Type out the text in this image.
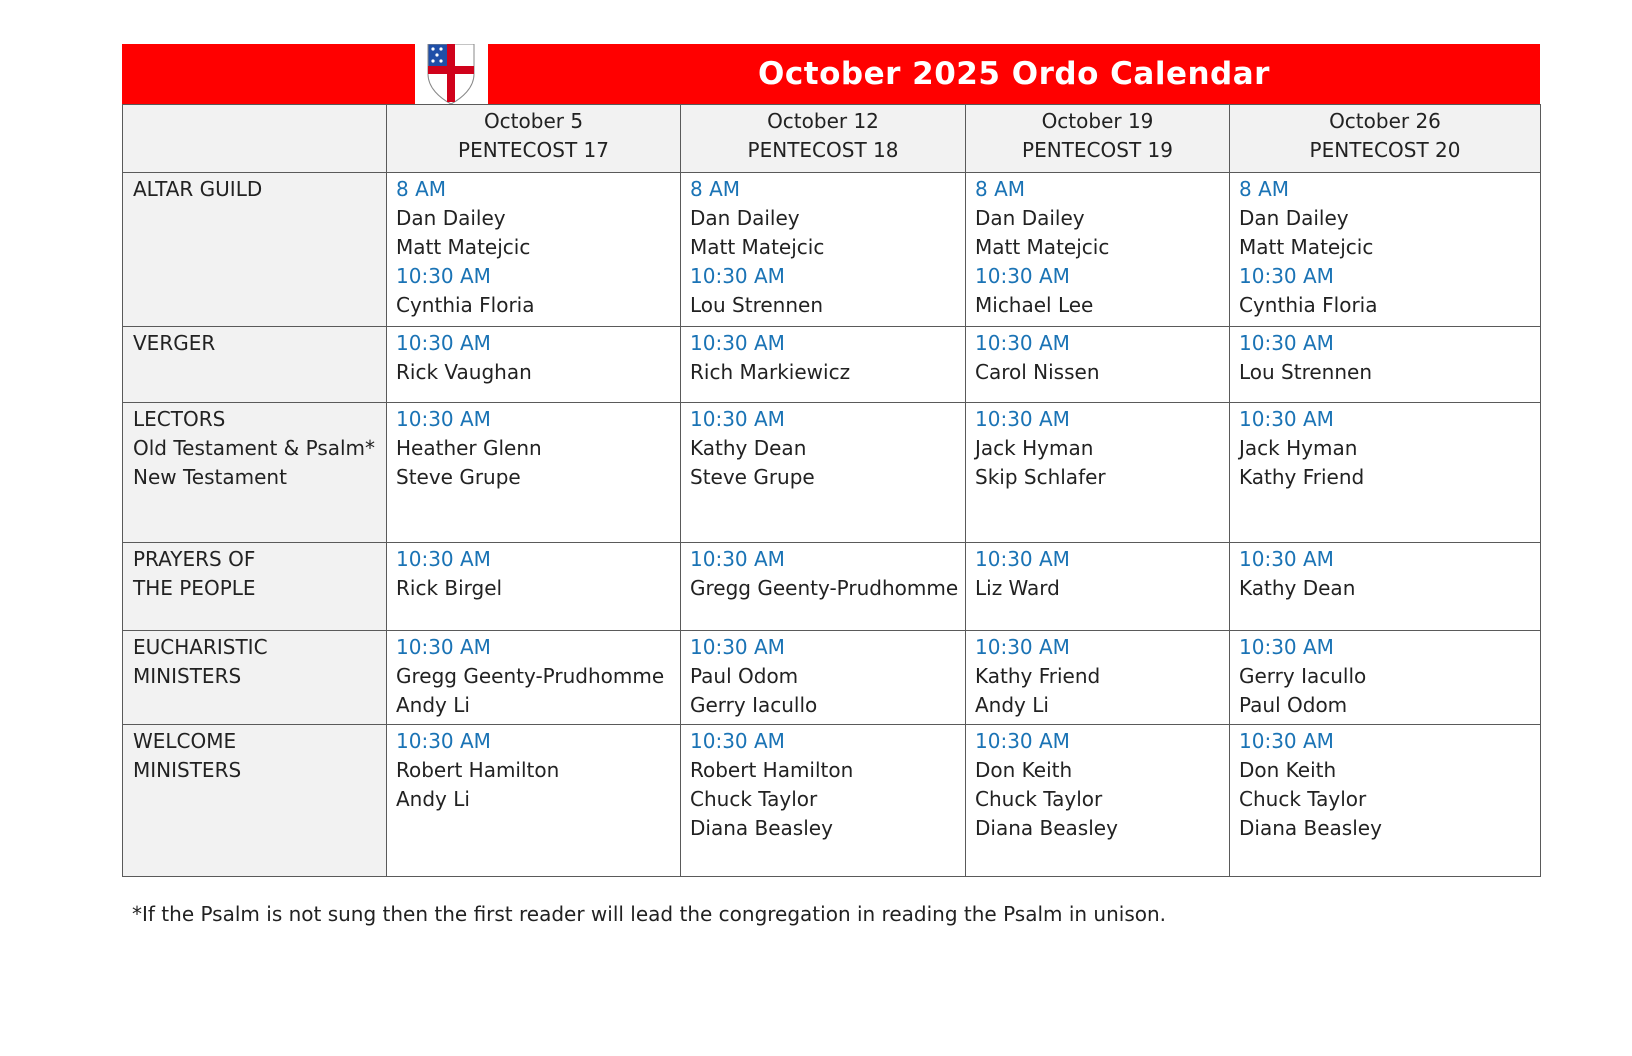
October 2025 Ordo Calendar

	October 5
PENTECOST 17	October 12
PENTECOST 18	October 19
PENTECOST 19	October 26
PENTECOST 20

ALTAR GUILD	8 AM
Dan Dailey
Matt Matejcic
10:30 AM
Cynthia Floria	8 AM
Dan Dailey
Matt Matejcic
10:30 AM
Lou Strennen	8 AM
Dan Dailey
Matt Matejcic
10:30 AM
Michael Lee	8 AM
Dan Dailey
Matt Matejcic
10:30 AM
Cynthia Floria

VERGER	10:30 AM
Rick Vaughan	10:30 AM
Rich Markiewicz	10:30 AM
Carol Nissen	10:30 AM
Lou Strennen

LECTORS
Old Testament & Psalm*
New Testament	10:30 AM
Heather Glenn
Steve Grupe	10:30 AM
Kathy Dean
Steve Grupe	10:30 AM
Jack Hyman
Skip Schlafer	10:30 AM
Jack Hyman
Kathy Friend

PRAYERS OF
THE PEOPLE	10:30 AM
Rick Birgel	10:30 AM
Gregg Geenty-Prudhomme	10:30 AM
Liz Ward	10:30 AM
Kathy Dean

EUCHARISTIC
MINISTERS	10:30 AM
Gregg Geenty-Prudhomme
Andy Li	10:30 AM
Paul Odom
Gerry Iacullo	10:30 AM
Kathy Friend
Andy Li	10:30 AM
Gerry Iacullo
Paul Odom

WELCOME
MINISTERS	10:30 AM
Robert Hamilton
Andy Li	10:30 AM
Robert Hamilton
Chuck Taylor
Diana Beasley	10:30 AM
Don Keith
Chuck Taylor
Diana Beasley	10:30 AM
Don Keith
Chuck Taylor
Diana Beasley
*If the Psalm is not sung then the first reader will lead the congregation in reading the Psalm in unison.
